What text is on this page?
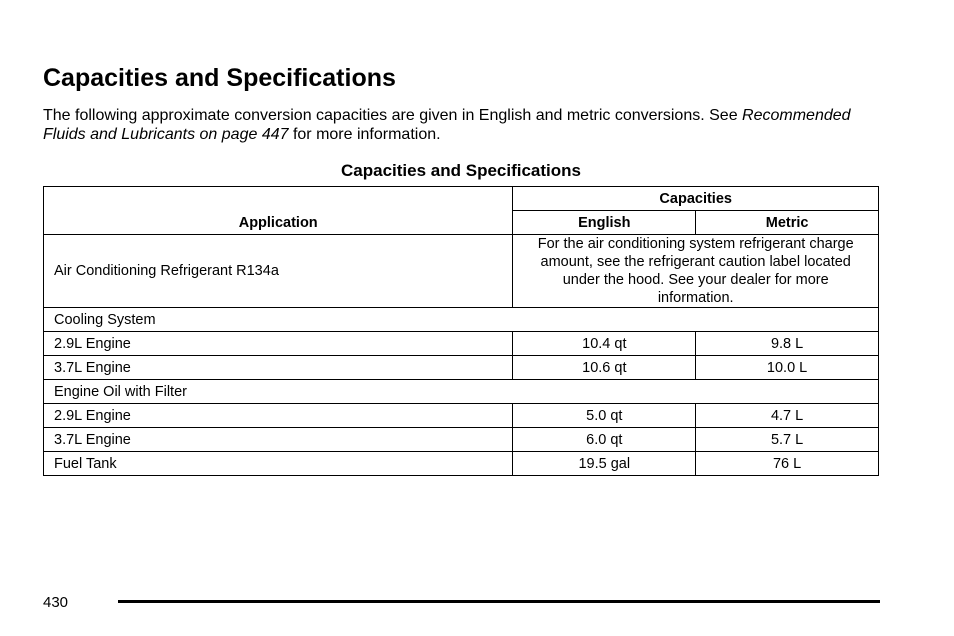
Capacities and Specifications

The following approximate conversion capacities are given in English and metric conversions. See Recommended Fluids and Lubricants on page 447 for more information.

Capacities and Specifications
Application	Capacities	
	English	Metric
Air Conditioning Refrigerant R134a	For the air conditioning system refrigerant charge amount, see the refrigerant caution label located under the hood. See your dealer for more information.	
Cooling System		
2.9L Engine	10.4 qt	9.8 L
3.7L Engine	10.6 qt	10.0 L
Engine Oil with Filter		
2.9L Engine	5.0 qt	4.7 L
3.7L Engine	6.0 qt	5.7 L
Fuel Tank	19.5 gal	76 L
430
